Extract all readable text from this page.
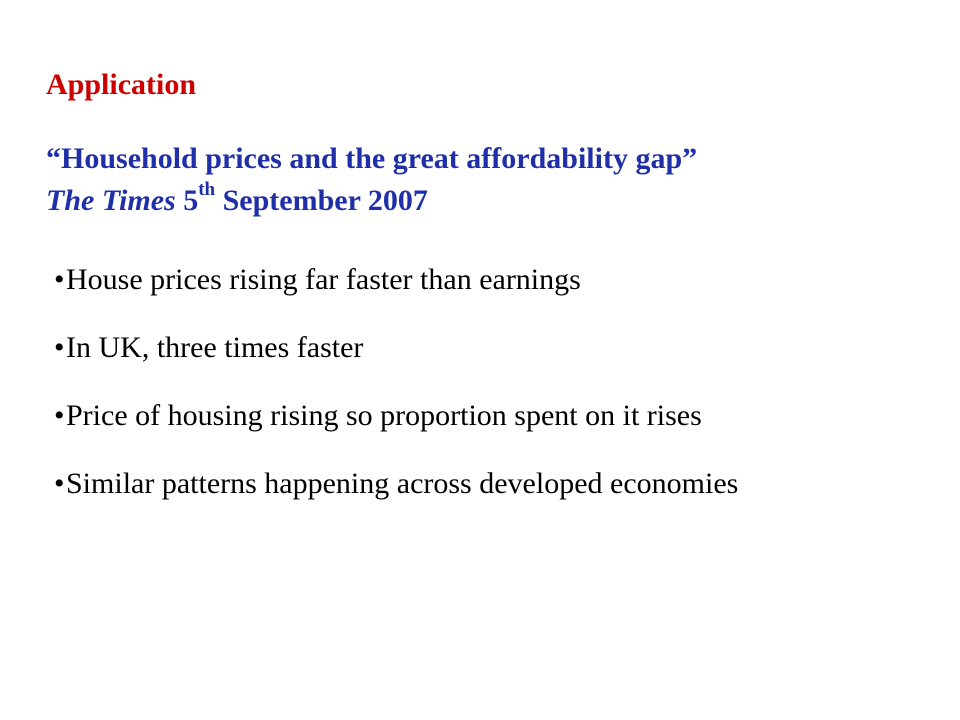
Application
“Household prices and the great affordability gap”
The Times 5th September 2007
•House prices rising far faster than earnings
•In UK, three times faster
•Price of housing rising so proportion spent on it rises
•Similar patterns happening across developed economies
